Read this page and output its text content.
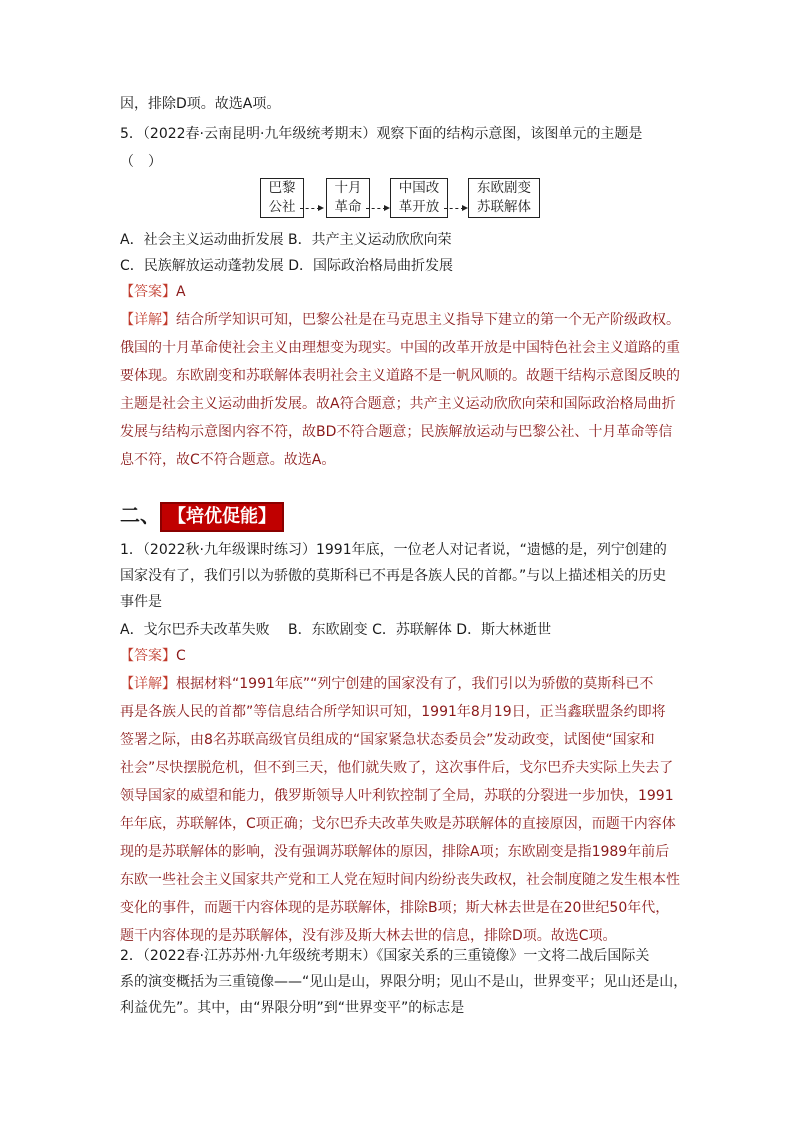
因，排除D项。故选A项。
5．（2022春·云南昆明·九年级统考期末）观察下面的结构示意图，该图单元的主题是
（　）
巴黎
公社
十月
革命
中国改
革开放
东欧剧变
苏联解体
A．社会主义运动曲折发展 B．共产主义运动欣欣向荣
C．民族解放运动蓬勃发展 D．国际政治格局曲折发展
【答案】A
【详解】结合所学知识可知，巴黎公社是在马克思主义指导下建立的第一个无产阶级政权。
俄国的十月革命使社会主义由理想变为现实。中国的改革开放是中国特色社会主义道路的重
要体现。东欧剧变和苏联解体表明社会主义道路不是一帆风顺的。故题干结构示意图反映的
主题是社会主义运动曲折发展。故A符合题意；共产主义运动欣欣向荣和国际政治格局曲折
发展与结构示意图内容不符，故BD不符合题意；民族解放运动与巴黎公社、十月革命等信
息不符，故C不符合题意。故选A。
二、 【培优促能】
1．（2022秋·九年级课时练习）1991年底，一位老人对记者说，“遗憾的是，列宁创建的
国家没有了，我们引以为骄傲的莫斯科已不再是各族人民的首都。”与以上描述相关的历史
事件是
A．戈尔巴乔夫改革失败　 B．东欧剧变 C．苏联解体 D．斯大林逝世
【答案】C
【详解】根据材料“1991年底”“列宁创建的国家没有了，我们引以为骄傲的莫斯科已不
再是各族人民的首都”等信息结合所学知识可知，1991年8月19日，正当鑫联盟条约即将
签署之际，由8名苏联高级官员组成的“国家紧急状态委员会”发动政变，试图使“国家和
社会”尽快摆脱危机，但不到三天，他们就失败了，这次事件后，戈尔巴乔夫实际上失去了
领导国家的威望和能力，俄罗斯领导人叶利钦控制了全局，苏联的分裂进一步加快，1991
年年底，苏联解体，C项正确；戈尔巴乔夫改革失败是苏联解体的直接原因，而题干内容体
现的是苏联解体的影响，没有强调苏联解体的原因，排除A项；东欧剧变是指1989年前后
东欧一些社会主义国家共产党和工人党在短时间内纷纷丧失政权，社会制度随之发生根本性
变化的事件，而题干内容体现的是苏联解体，排除B项；斯大林去世是在20世纪50年代，
题干内容体现的是苏联解体，没有涉及斯大林去世的信息，排除D项。故选C项。
2．（2022春·江苏苏州·九年级统考期末）《国家关系的三重镜像》一文将二战后国际关
系的演变概括为三重镜像——“见山是山，界限分明；见山不是山，世界变平；见山还是山，
利益优先”。其中，由“界限分明”到“世界变平”的标志是
